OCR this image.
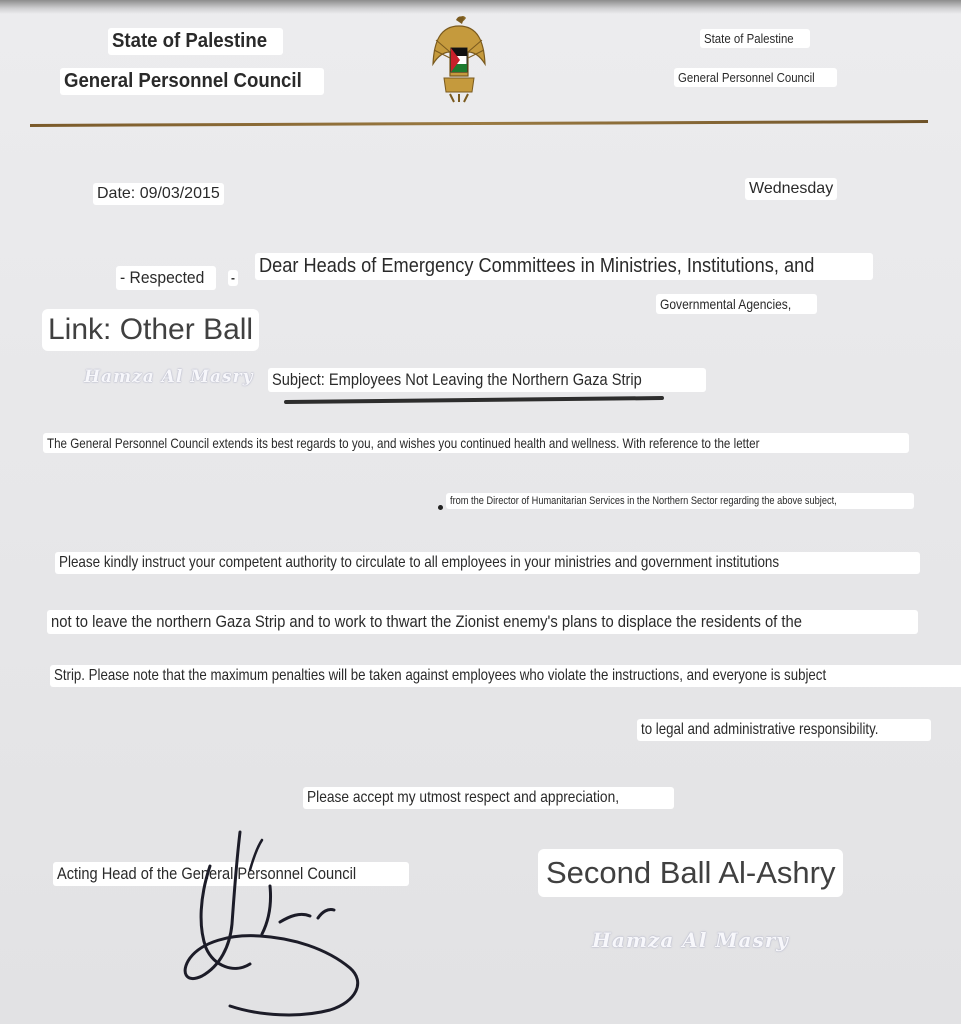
State of Palestine
General Personnel Council
State of Palestine
General Personnel Council
Date: 09/03/2015	Wednesday
- Respected	-
Dear Heads of Emergency Committees in Ministries, Institutions, and
Governmental Agencies,
Link: Other Ball
Hamza Al Masry Subject: Employees Not Leaving the Northern Gaza Strip
The General Personnel Council extends its best regards to you, and wishes you continued health and wellness. With reference to the letter
from the Director of Humanitarian Services in the Northern Sector regarding the above subject,
Please kindly instruct your competent authority to circulate to all employees in your ministries and government institutions
not to leave the northern Gaza Strip and to work to thwart the Zionist enemy's plans to displace the residents of the
Strip. Please note that the maximum penalties will be taken against employees who violate the instructions, and everyone is subject
to legal and administrative responsibility.
Please accept my utmost respect and appreciation,
Acting Head of the General Personnel Council	Second Ball Al-Ashry
Hamza Al Masry
